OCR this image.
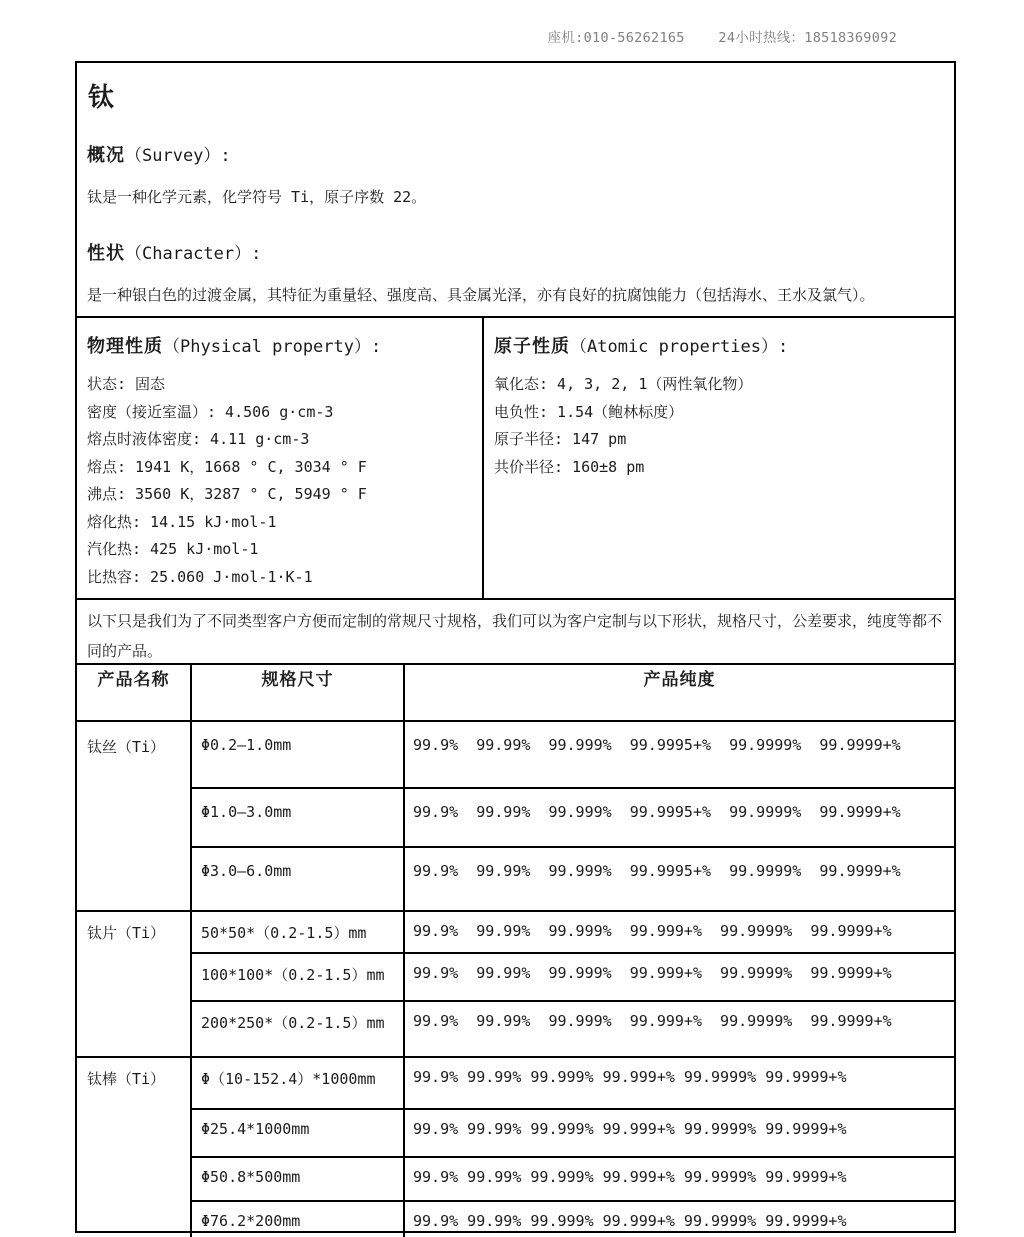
座机:010-56262165    24小时热线：18518369092
钛
概况（Survey）:

钛是一种化学元素，化学符号 Ti，原子序数 22。

性状（Character）:

是一种银白色的过渡金属，其特征为重量轻、强度高、具金属光泽，亦有良好的抗腐蚀能力（包括海水、王水及氯气）。

物理性质（Physical property）:
状态: 固态
密度（接近室温）: 4.506 g·cm-3
熔点时液体密度: 4.11 g·cm-3
熔点: 1941 K，1668 ° C, 3034 ° F
沸点: 3560 K，3287 ° C, 5949 ° F
熔化热: 14.15 kJ·mol-1
汽化热: 425 kJ·mol-1
比热容: 25.060 J·mol-1·K-1
原子性质（Atomic properties）:
氧化态: 4, 3, 2, 1（两性氧化物）
电负性: 1.54（鲍林标度）
原子半径: 147 pm
共价半径: 160±8 pm

以下只是我们为了不同类型客户方便而定制的常规尺寸规格，我们可以为客户定制与以下形状，规格尺寸，公差要求，纯度等都不同的产品。

产品名称	规格尺寸	产品纯度
钛丝（Ti）	Φ0.2—1.0mm	99.9%  99.99%  99.999%  99.9995+%  99.9999%  99.9999+%
	Φ1.0—3.0mm	99.9%  99.99%  99.999%  99.9995+%  99.9999%  99.9999+%
	Φ3.0—6.0mm	99.9%  99.99%  99.999%  99.9995+%  99.9999%  99.9999+%
钛片（Ti）	50*50*（0.2-1.5）mm	99.9%  99.99%  99.999%  99.999+%  99.9999%  99.9999+%
	100*100*（0.2-1.5）mm	99.9%  99.99%  99.999%  99.999+%  99.9999%  99.9999+%
	200*250*（0.2-1.5）mm	99.9%  99.99%  99.999%  99.999+%  99.9999%  99.9999+%
钛棒（Ti）	Φ（10-152.4）*1000mm	99.9% 99.99% 99.999% 99.999+% 99.9999% 99.9999+%
	Φ25.4*1000mm	99.9% 99.99% 99.999% 99.999+% 99.9999% 99.9999+%
	Φ50.8*500mm	99.9% 99.99% 99.999% 99.999+% 99.9999% 99.9999+%
	Φ76.2*200mm	99.9% 99.99% 99.999% 99.999+% 99.9999% 99.9999+%
